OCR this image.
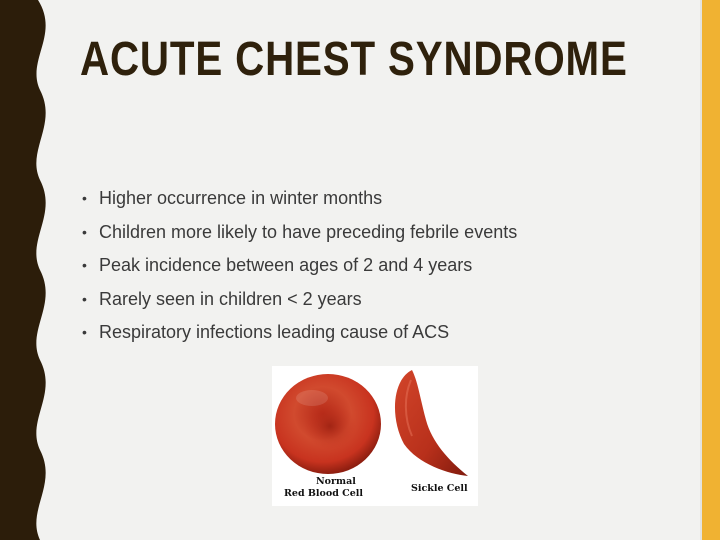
ACUTE CHEST SYNDROME
• Higher occurrence in winter months
• Children more likely to have preceding febrile events
• Peak incidence between ages of 2 and 4 years
• Rarely seen in children < 2 years
• Respiratory infections leading cause of ACS
Normal
Red Blood Cell	Sickle Cell
